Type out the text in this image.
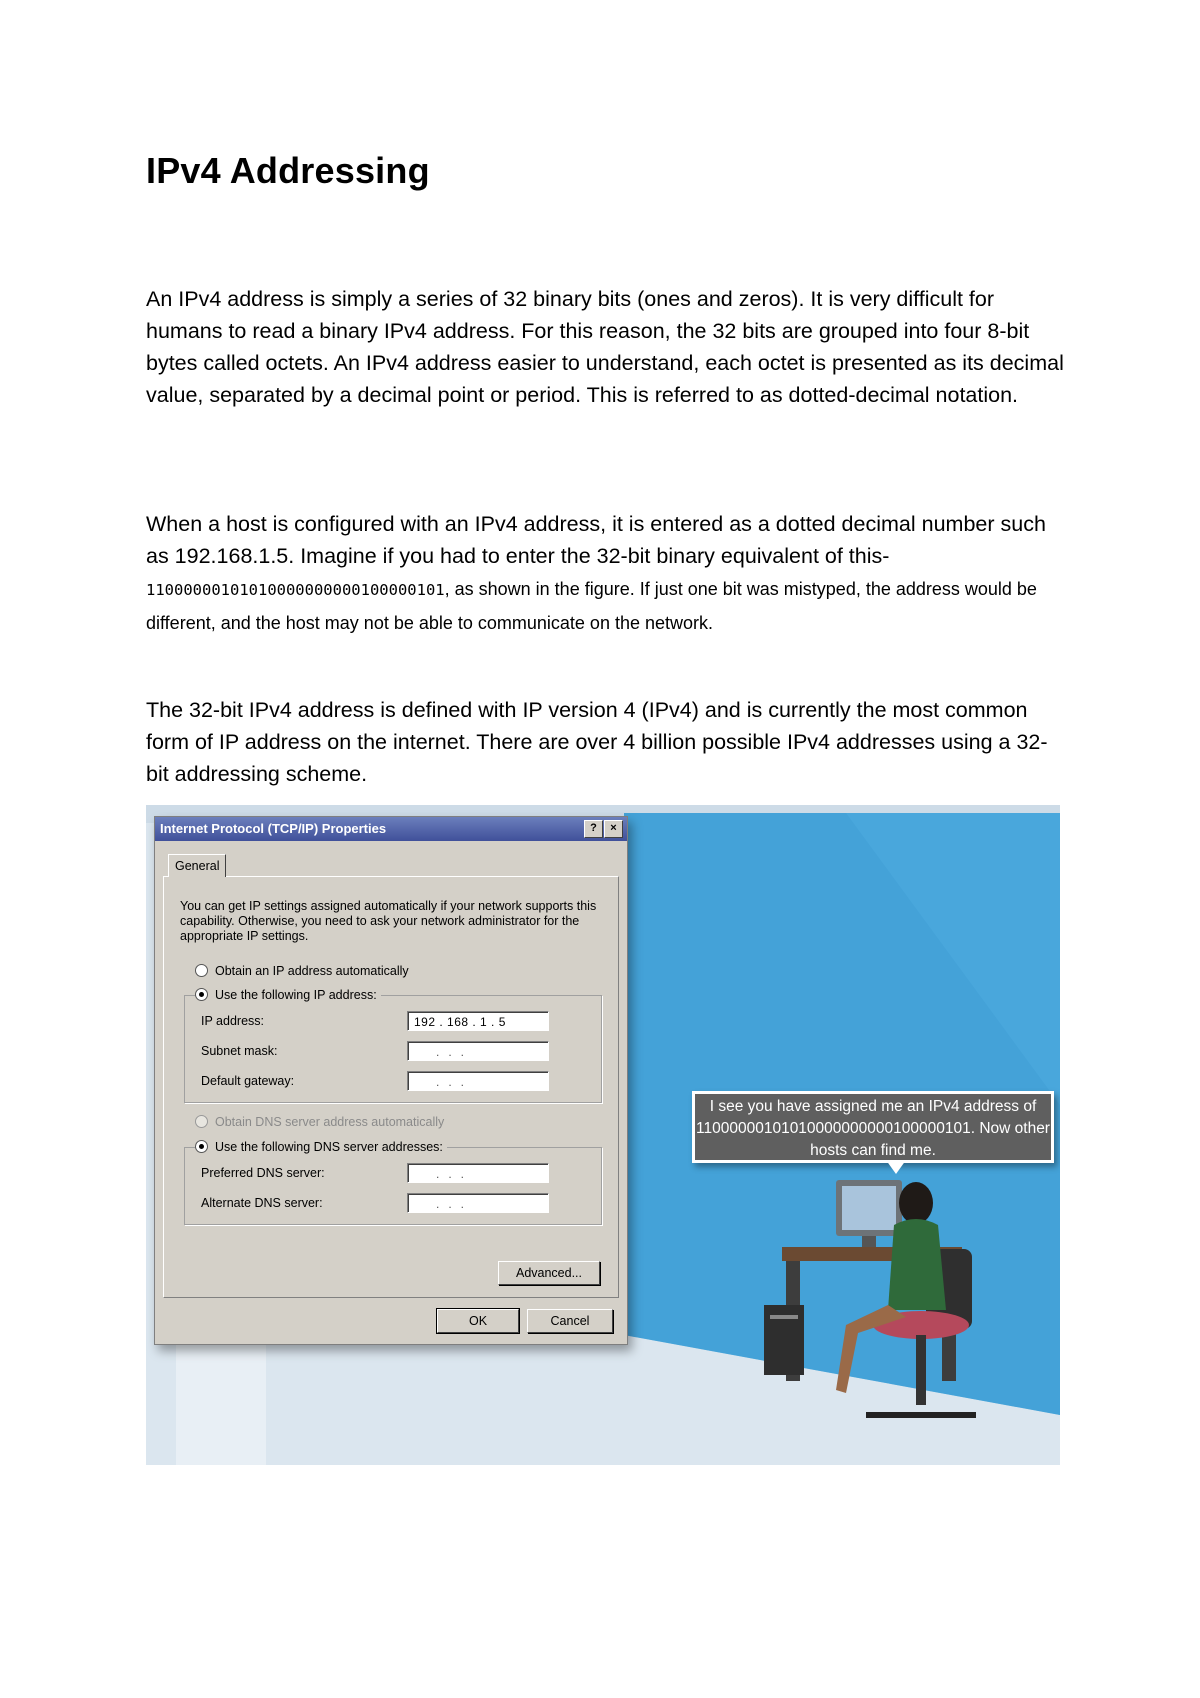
IPv4 Addressing

An IPv4 address is simply a series of 32 binary bits (ones and zeros). It is very difficult for humans to read a binary IPv4 address. For this reason, the 32 bits are grouped into four 8-bit bytes called octets. An IPv4 address easier to understand, each octet is presented as its decimal value, separated by a decimal point or period. This is referred to as dotted-decimal notation.

When a host is configured with an IPv4 address, it is entered as a dotted decimal number such as 192.168.1.5. Imagine if you had to enter the 32-bit binary equivalent of this-
11000000101010000000000100000101, as shown in the figure. If just one bit was mistyped, the address would be different, and the host may not be able to communicate on the network.

The 32-bit IPv4 address is defined with IP version 4 (IPv4) and is currently the most common form of IP address on the internet. There are over 4 billion possible IPv4 addresses using a 32-bit addressing scheme.

Internet Protocol (TCP/IP) Properties	?	×
General

You can get IP settings assigned automatically if your network supports this capability. Otherwise, you need to ask your network administrator for the appropriate IP settings.

Obtain an IP address automatically
Use the following IP address:
IP address:	192 . 168 . 1 . 5
Subnet mask:	...
Default gateway:	...
Obtain DNS server address automatically
Use the following DNS server addresses:
Preferred DNS server:	...
Alternate DNS server:	...
Advanced...
OK	Cancel
I see you have assigned me an IPv4 address of 11000000101010000000000100000101. Now other hosts can find me.
